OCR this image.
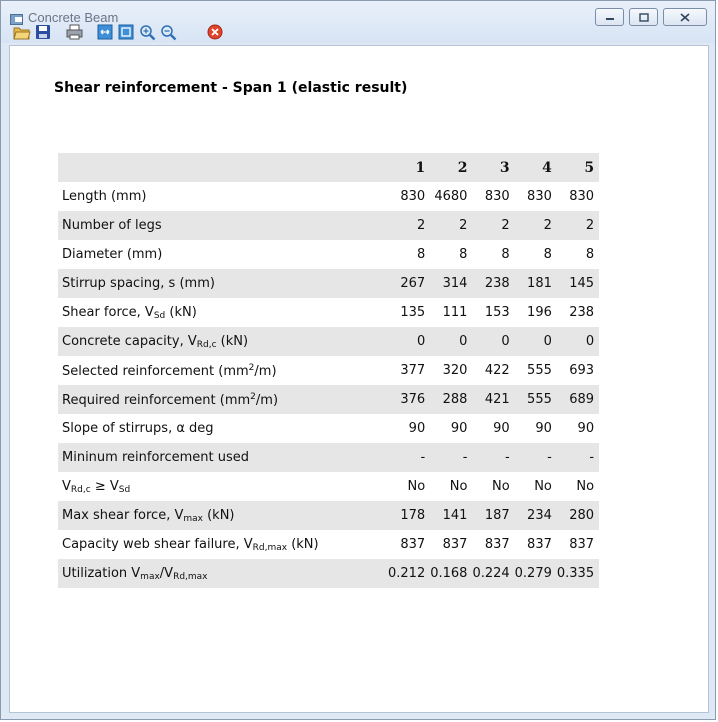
Concrete Beam
Shear reinforcement - Span 1 (elastic result)
	1	2	3	4	5
Length (mm)	830	4680	830	830	830
Number of legs	2	2	2	2	2
Diameter (mm)	8	8	8	8	8
Stirrup spacing, s (mm)	267	314	238	181	145
Shear force, $V_{Sd}$ (kN)	135	111	153	196	238
Concrete capacity, $V_{Rd,c}$ (kN)	0	0	0	0	0
Selected reinforcement $(mm^2/m)$	377	320	422	555	693
Required reinforcement $(mm^2/m)$	376	288	421	555	689
Slope of stirrups, α deg	90	90	90	90	90
Mininum reinforcement used	-	-	-	-	-
$V_{Rd,c} \ge V_{Sd}$	No	No	No	No	No
Max shear force, $V_{max}$ (kN)	178	141	187	234	280
Capacity web shear failure, $V_{Rd,max}$ (kN)	837	837	837	837	837
Utilization $V_{max}/V_{Rd,max}$	0.212	0.168	0.224	0.279	0.335
